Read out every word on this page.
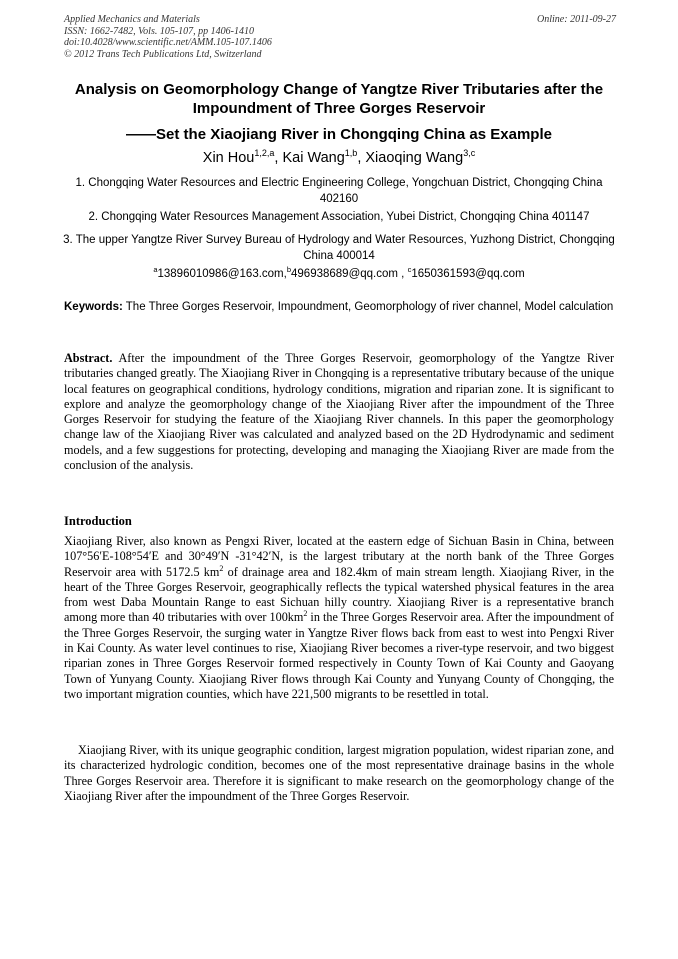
Applied Mechanics and Materials
ISSN: 1662-7482, Vols. 105-107, pp 1406-1410
doi:10.4028/www.scientific.net/AMM.105-107.1406
© 2012 Trans Tech Publications Ltd, Switzerland
Online: 2011-09-27
Analysis on Geomorphology Change of Yangtze River Tributaries after the Impoundment of Three Gorges Reservoir
——Set the Xiaojiang River in Chongqing China as Example
Xin Hou$^{1,2,a}$, Kai Wang$^{1,b}$, Xiaoqing Wang$^{3,c}$
1. Chongqing Water Resources and Electric Engineering College, Yongchuan District, Chongqing China 402160
2. Chongqing Water Resources Management Association, Yubei District, Chongqing China 401147
3. The upper Yangtze River Survey Bureau of Hydrology and Water Resources, Yuzhong District, Chongqing China 400014
$^a$13896010986@163.com,$^b$496938689@qq.com , $^c$1650361593@qq.com
Keywords: The Three Gorges Reservoir, Impoundment, Geomorphology of river channel, Model calculation
Abstract. After the impoundment of the Three Gorges Reservoir, geomorphology of the Yangtze River tributaries changed greatly. The Xiaojiang River in Chongqing is a representative tributary because of the unique local features on geographical conditions, hydrology conditions, migration and riparian zone. It is significant to explore and analyze the geomorphology change of the Xiaojiang River after the impoundment of the Three Gorges Reservoir for studying the feature of the Xiaojiang River channels. In this paper the geomorphology change law of the Xiaojiang River was calculated and analyzed based on the 2D Hydrodynamic and sediment models, and a few suggestions for protecting, developing and managing the Xiaojiang River are made from the conclusion of the analysis.
Introduction
Xiaojiang River, also known as Pengxi River, located at the eastern edge of Sichuan Basin in China, between 107°56′E-108°54′E and 30°49′N -31°42′N, is the largest tributary at the north bank of the Three Gorges Reservoir area with 5172.5 $km^2$ of drainage area and 182.4km of main stream length. Xiaojiang River, in the heart of the Three Gorges Reservoir, geographically reflects the typical watershed physical features in the area from west Daba Mountain Range to east Sichuan hilly country. Xiaojiang River is a representative branch among more than 40 tributaries with over $100km^2$ in the Three Gorges Reservoir area. After the impoundment of the Three Gorges Reservoir, the surging water in Yangtze River flows back from east to west into Pengxi River in Kai County. As water level continues to rise, Xiaojiang River becomes a river-type reservoir, and two biggest riparian zones in Three Gorges Reservoir formed respectively in County Town of Kai County and Gaoyang Town of Yunyang County. Xiaojiang River flows through Kai County and Yunyang County of Chongqing, the two important migration counties, which have 221,500 migrants to be resettled in total.
Xiaojiang River, with its unique geographic condition, largest migration population, widest riparian zone, and its characterized hydrologic condition, becomes one of the most representative drainage basins in the whole Three Gorges Reservoir area. Therefore it is significant to make research on the geomorphology change of the Xiaojiang River after the impoundment of the Three Gorges Reservoir.
